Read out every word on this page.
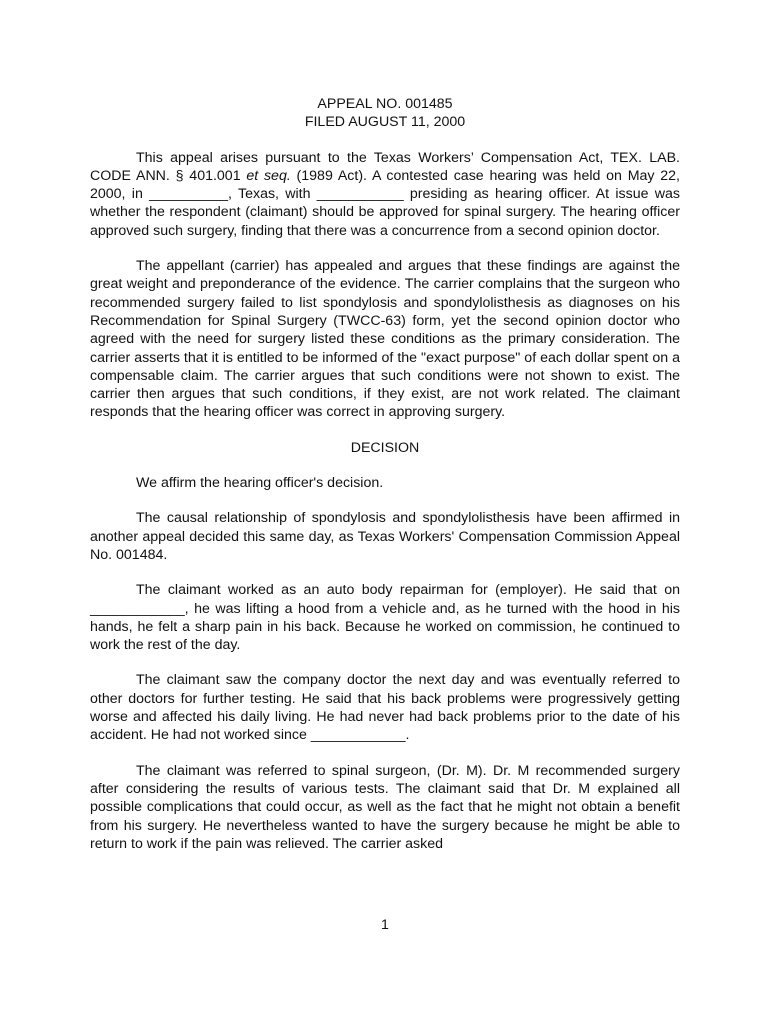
APPEAL NO. 001485

FILED AUGUST 11, 2000

This appeal arises pursuant to the Texas Workers’ Compensation Act, TEX. LAB. CODE ANN. § 401.001 et seq. (1989 Act). A contested case hearing was held on May 22, 2000, in __________, Texas, with ___________ presiding as hearing officer. At issue was whether the respondent (claimant) should be approved for spinal surgery. The hearing officer approved such surgery, finding that there was a concurrence from a second opinion doctor.

The appellant (carrier) has appealed and argues that these findings are against the great weight and preponderance of the evidence. The carrier complains that the surgeon who recommended surgery failed to list spondylosis and spondylolisthesis as diagnoses on his Recommendation for Spinal Surgery (TWCC-63) form, yet the second opinion doctor who agreed with the need for surgery listed these conditions as the primary consideration. The carrier asserts that it is entitled to be informed of the "exact purpose" of each dollar spent on a compensable claim. The carrier argues that such conditions were not shown to exist. The carrier then argues that such conditions, if they exist, are not work related. The claimant responds that the hearing officer was correct in approving surgery.

DECISION

We affirm the hearing officer's decision.

The causal relationship of spondylosis and spondylolisthesis have been affirmed in another appeal decided this same day, as Texas Workers' Compensation Commission Appeal No. 001484.

The claimant worked as an auto body repairman for (employer). He said that on ____________, he was lifting a hood from a vehicle and, as he turned with the hood in his hands, he felt a sharp pain in his back. Because he worked on commission, he continued to work the rest of the day.

The claimant saw the company doctor the next day and was eventually referred to other doctors for further testing. He said that his back problems were progressively getting worse and affected his daily living. He had never had back problems prior to the date of his accident. He had not worked since ____________.

The claimant was referred to spinal surgeon, (Dr. M). Dr. M recommended surgery after considering the results of various tests. The claimant said that Dr. M explained all possible complications that could occur, as well as the fact that he might not obtain a benefit from his surgery. He nevertheless wanted to have the surgery because he might be able to return to work if the pain was relieved. The carrier asked

1
